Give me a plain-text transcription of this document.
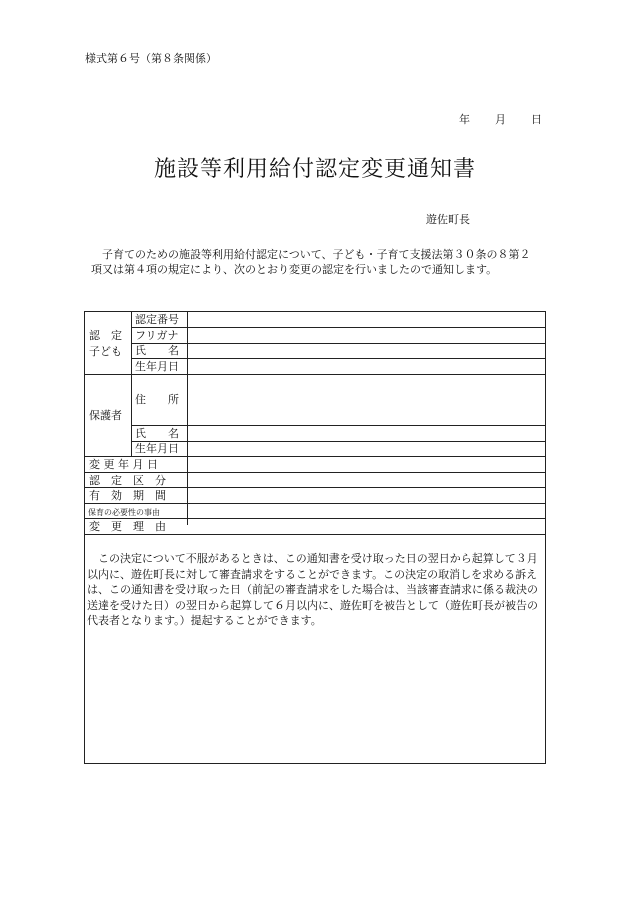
様式第６号（第８条関係）
年 月 日
施設等利用給付認定変更通知書
遊佐町長
子育てのための施設等利用給付認定について、子ども・子育て支援法第３０条の８第２項又は第４項の規定により、次のとおり変更の認定を行いましたので通知します。
認　定
子ども
認定番号
フリガナ
氏　　名
生年月日
保護者
住　　所
氏　　名
生年月日
変 更 年 月 日
認　定　区　分
有　効　期　間
保育の必要性の事由
変　更　理　由
この決定について不服があるときは、この通知書を受け取った日の翌日から起算して３月以内に、遊佐町長に対して審査請求をすることができます。この決定の取消しを求める訴えは、この通知書を受け取った日（前記の審査請求をした場合は、当該審査請求に係る裁決の送達を受けた日）の翌日から起算して６月以内に、遊佐町を被告として（遊佐町長が被告の代表者となります。）提起することができます。
